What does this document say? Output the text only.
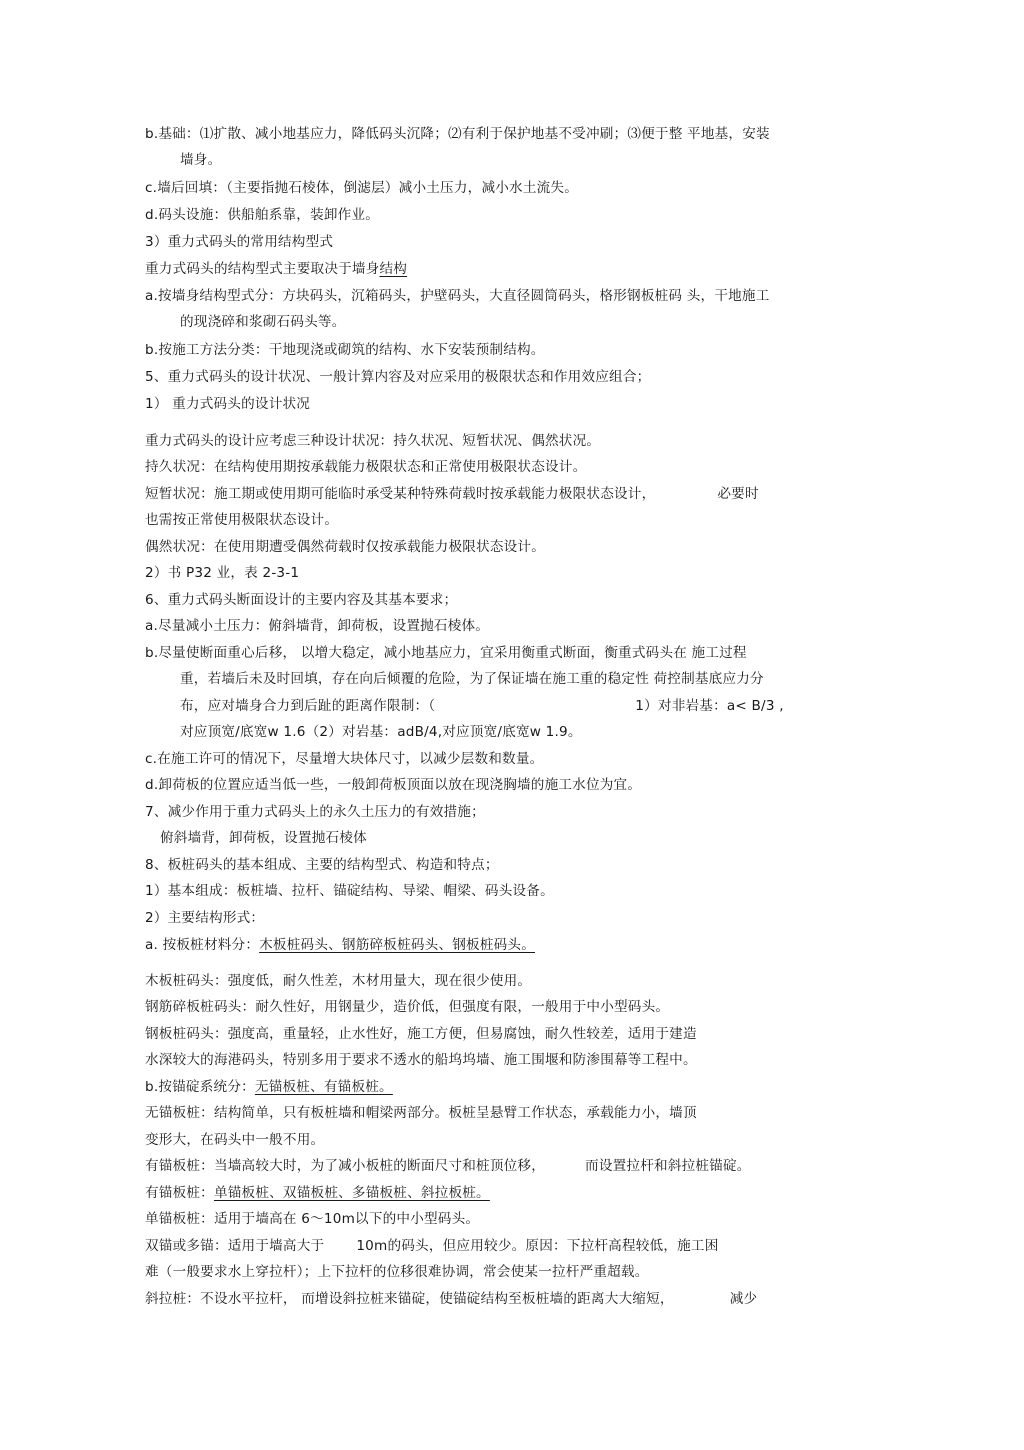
b.基础：⑴扩散、减小地基应力，降低码头沉降；⑵有利于保护地基不受冲刷；⑶便于整 平地基，安装
墙身。
c.墙后回填：（主要指抛石棱体，倒滤层）减小土压力，减小水土流失。
d.码头设施：供船舶系靠，装卸作业。
3）重力式码头的常用结构型式
重力式码头的结构型式主要取决于墙身结构
a.按墙身结构型式分：方块码头，沉箱码头，护壁码头，大直径圆筒码头，格形钢板桩码 头，干地施工
的现浇碎和浆砌石码头等。
b.按施工方法分类：干地现浇或砌筑的结构、水下安装预制结构。
5、重力式码头的设计状况、一般计算内容及对应采用的极限状态和作用效应组合；
1） 重力式码头的设计状况
重力式码头的设计应考虑三种设计状况：持久状况、短暂状况、偶然状况。
持久状况：在结构使用期按承载能力极限状态和正常使用极限状态设计。
短暂状况：施工期或使用期可能临时承受某种特殊荷载时按承载能力极限状态设计，	必要时
也需按正常使用极限状态设计。
偶然状况：在使用期遭受偶然荷载时仅按承载能力极限状态设计。
2）书 P32 业，表 2-3-1
6、重力式码头断面设计的主要内容及其基本要求；
a.尽量减小土压力：俯斜墙背，卸荷板，设置抛石棱体。
b.尽量使断面重心后移， 以增大稳定，减小地基应力，宜采用衡重式断面，衡重式码头在 施工过程
重，若墙后未及时回填，存在向后倾覆的危险，为了保证墙在施工重的稳定性 荷控制基底应力分
布，应对墙身合力到后趾的距离作限制：（	1）对非岩基：a< B/3 ,
对应顶宽/底宽w 1.6（2）对岩基：adB/4,对应顶宽/底宽w 1.9。
c.在施工许可的情况下，尽量增大块体尺寸，以减少层数和数量。
d.卸荷板的位置应适当低一些，一般卸荷板顶面以放在现浇胸墙的施工水位为宜。
7、减少作用于重力式码头上的永久土压力的有效措施；
俯斜墙背，卸荷板，设置抛石棱体
8、板桩码头的基本组成、主要的结构型式、构造和特点；
1）基本组成：板桩墙、拉杆、锚碇结构、导梁、帽梁、码头设备。
2）主要结构形式：
a. 按板桩材料分：木板桩码头、钢筋碎板桩码头、钢板桩码头。
木板桩码头：强度低，耐久性差，木材用量大，现在很少使用。
钢筋碎板桩码头：耐久性好，用钢量少，造价低，但强度有限，一般用于中小型码头。
钢板桩码头：强度高，重量轻，止水性好，施工方便，但易腐蚀，耐久性较差，适用于建造
水深较大的海港码头，特别多用于要求不透水的船坞坞墙、施工围堰和防渗围幕等工程中。
b.按锚碇系统分：无锚板桩、有锚板桩。
无锚板桩：结构简单，只有板桩墙和帽梁两部分。板桩呈悬臂工作状态，承载能力小，墙顶
变形大，在码头中一般不用。
有锚板桩：当墙高较大时，为了减小板桩的断面尺寸和桩顶位移，	而设置拉杆和斜拉桩锚碇。
有锚板桩：单锚板桩、双锚板桩、多锚板桩、斜拉板桩。
单锚板桩：适用于墙高在 6～10m以下的中小型码头。
双锚或多锚：适用于墙高大于 10m的码头，但应用较少。原因：下拉杆高程较低，施工困
难（一般要求水上穿拉杆）；上下拉杆的位移很难协调，常会使某一拉杆严重超载。
斜拉桩：不设水平拉杆， 而增设斜拉桩来锚碇，使锚碇结构至板桩墙的距离大大缩短，	减少
